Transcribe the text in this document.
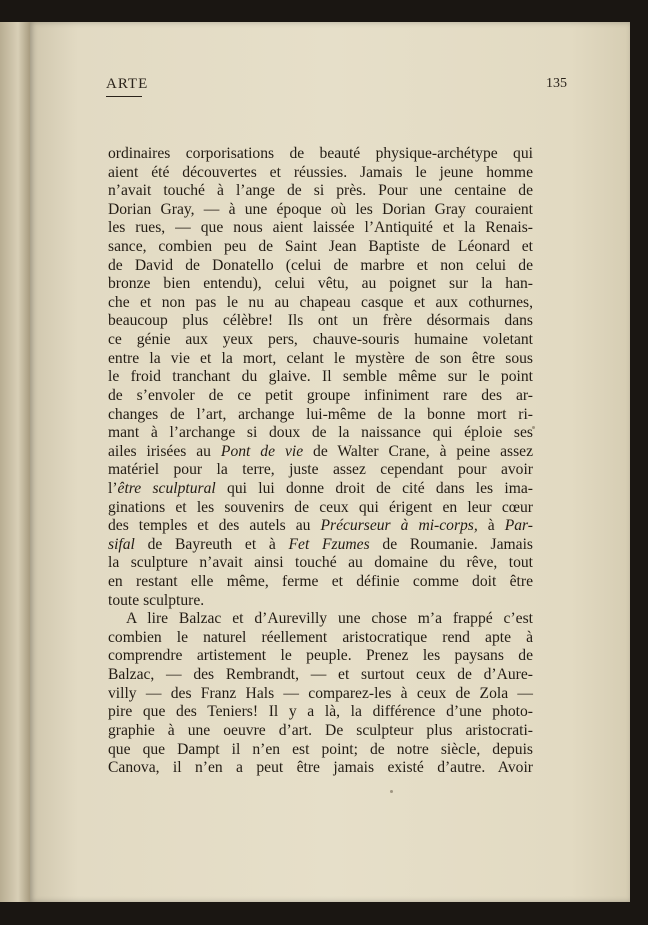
ARTE	135
ordinaires corporisations de beauté physique-archétype qui
aient été découvertes et réussies. Jamais le jeune homme
n’avait touché à l’ange de si près. Pour une centaine de
Dorian Gray, — à une époque où les Dorian Gray couraient
les rues, — que nous aient laissée l’Antiquité et la Renais-
sance, combien peu de Saint Jean Baptiste de Léonard et
de David de Donatello (celui de marbre et non celui de
bronze bien entendu), celui vêtu, au poignet sur la han-
che et non pas le nu au chapeau casque et aux cothurnes,
beaucoup plus célèbre! Ils ont un frère désormais dans
ce génie aux yeux pers, chauve-souris humaine voletant
entre la vie et la mort, celant le mystère de son être sous
le froid tranchant du glaive. Il semble même sur le point
de s’envoler de ce petit groupe infiniment rare des ar-
changes de l’art, archange lui-même de la bonne mort ri-
mant à l’archange si doux de la naissance qui éploie ses
ailes irisées au Pont de vie de Walter Crane, à peine assez
matériel pour la terre, juste assez cependant pour avoir
l’être sculptural qui lui donne droit de cité dans les ima-
ginations et les souvenirs de ceux qui érigent en leur cœur
des temples et des autels au Précurseur à mi-corps, à Par-
sifal de Bayreuth et à Fet Fzumes de Roumanie. Jamais
la sculpture n’avait ainsi touché au domaine du rêve, tout
en restant elle même, ferme et définie comme doit être
toute sculpture.
A lire Balzac et d’Aurevilly une chose m’a frappé c’est
combien le naturel réellement aristocratique rend apte à
comprendre artistement le peuple. Prenez les paysans de
Balzac, — des Rembrandt, — et surtout ceux de d’Aure-
villy — des Franz Hals — comparez-les à ceux de Zola —
pire que des Teniers! Il y a là, la différence d’une photo-
graphie à une oeuvre d’art. De sculpteur plus aristocrati-
que que Dampt il n’en est point; de notre siècle, depuis
Canova, il n’en a peut être jamais existé d’autre. Avoir
